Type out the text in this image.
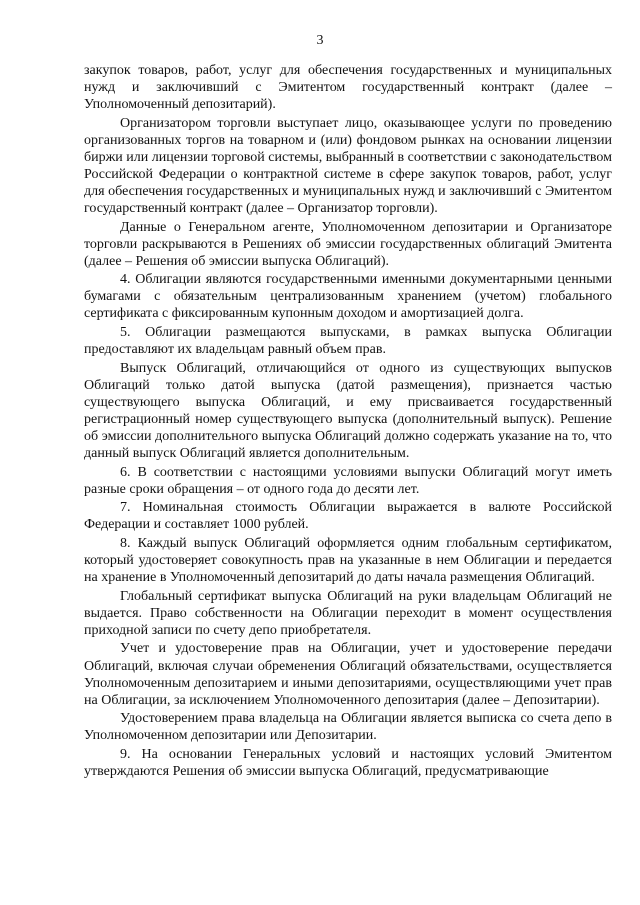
3

закупок товаров, работ, услуг для обеспечения государственных и муниципальных нужд и заключивший с Эмитентом государственный контракт (далее – Уполномоченный депозитарий).

Организатором торговли выступает лицо, оказывающее услуги по проведению организованных торгов на товарном и (или) фондовом рынках на основании лицензии биржи или лицензии торговой системы, выбранный в соответствии с законодательством Российской Федерации о контрактной системе в сфере закупок товаров, работ, услуг для обеспечения государственных и муниципальных нужд и заключивший с Эмитентом государственный контракт (далее – Организатор торговли).

Данные о Генеральном агенте, Уполномоченном депозитарии и Организаторе торговли раскрываются в Решениях об эмиссии государственных облигаций Эмитента (далее – Решения об эмиссии выпуска Облигаций).

4. Облигации являются государственными именными документарными ценными бумагами с обязательным централизованным хранением (учетом) глобального сертификата с фиксированным купонным доходом и амортизацией долга.

5. Облигации размещаются выпусками, в рамках выпуска Облигации предоставляют их владельцам равный объем прав.

Выпуск Облигаций, отличающийся от одного из существующих выпусков Облигаций только датой выпуска (датой размещения), признается частью существующего выпуска Облигаций, и ему присваивается государственный регистрационный номер существующего выпуска (дополнительный выпуск). Решение об эмиссии дополнительного выпуска Облигаций должно содержать указание на то, что данный выпуск Облигаций является дополнительным.

6. В соответствии с настоящими условиями выпуски Облигаций могут иметь разные сроки обращения – от одного года до десяти лет.

7. Номинальная стоимость Облигации выражается в валюте Российской Федерации и составляет 1000 рублей.

8. Каждый выпуск Облигаций оформляется одним глобальным сертификатом, который удостоверяет совокупность прав на указанные в нем Облигации и передается на хранение в Уполномоченный депозитарий до даты начала размещения Облигаций.

Глобальный сертификат выпуска Облигаций на руки владельцам Облигаций не выдается. Право собственности на Облигации переходит в момент осуществления приходной записи по счету депо приобретателя.

Учет и удостоверение прав на Облигации, учет и удостоверение передачи Облигаций, включая случаи обременения Облигаций обязательствами, осуществляется Уполномоченным депозитарием и иными депозитариями, осуществляющими учет прав на Облигации, за исключением Уполномоченного депозитария (далее – Депозитарии).

Удостоверением права владельца на Облигации является выписка со счета депо в Уполномоченном депозитарии или Депозитарии.

9. На основании Генеральных условий и настоящих условий Эмитентом утверждаются Решения об эмиссии выпуска Облигаций, предусматривающие
